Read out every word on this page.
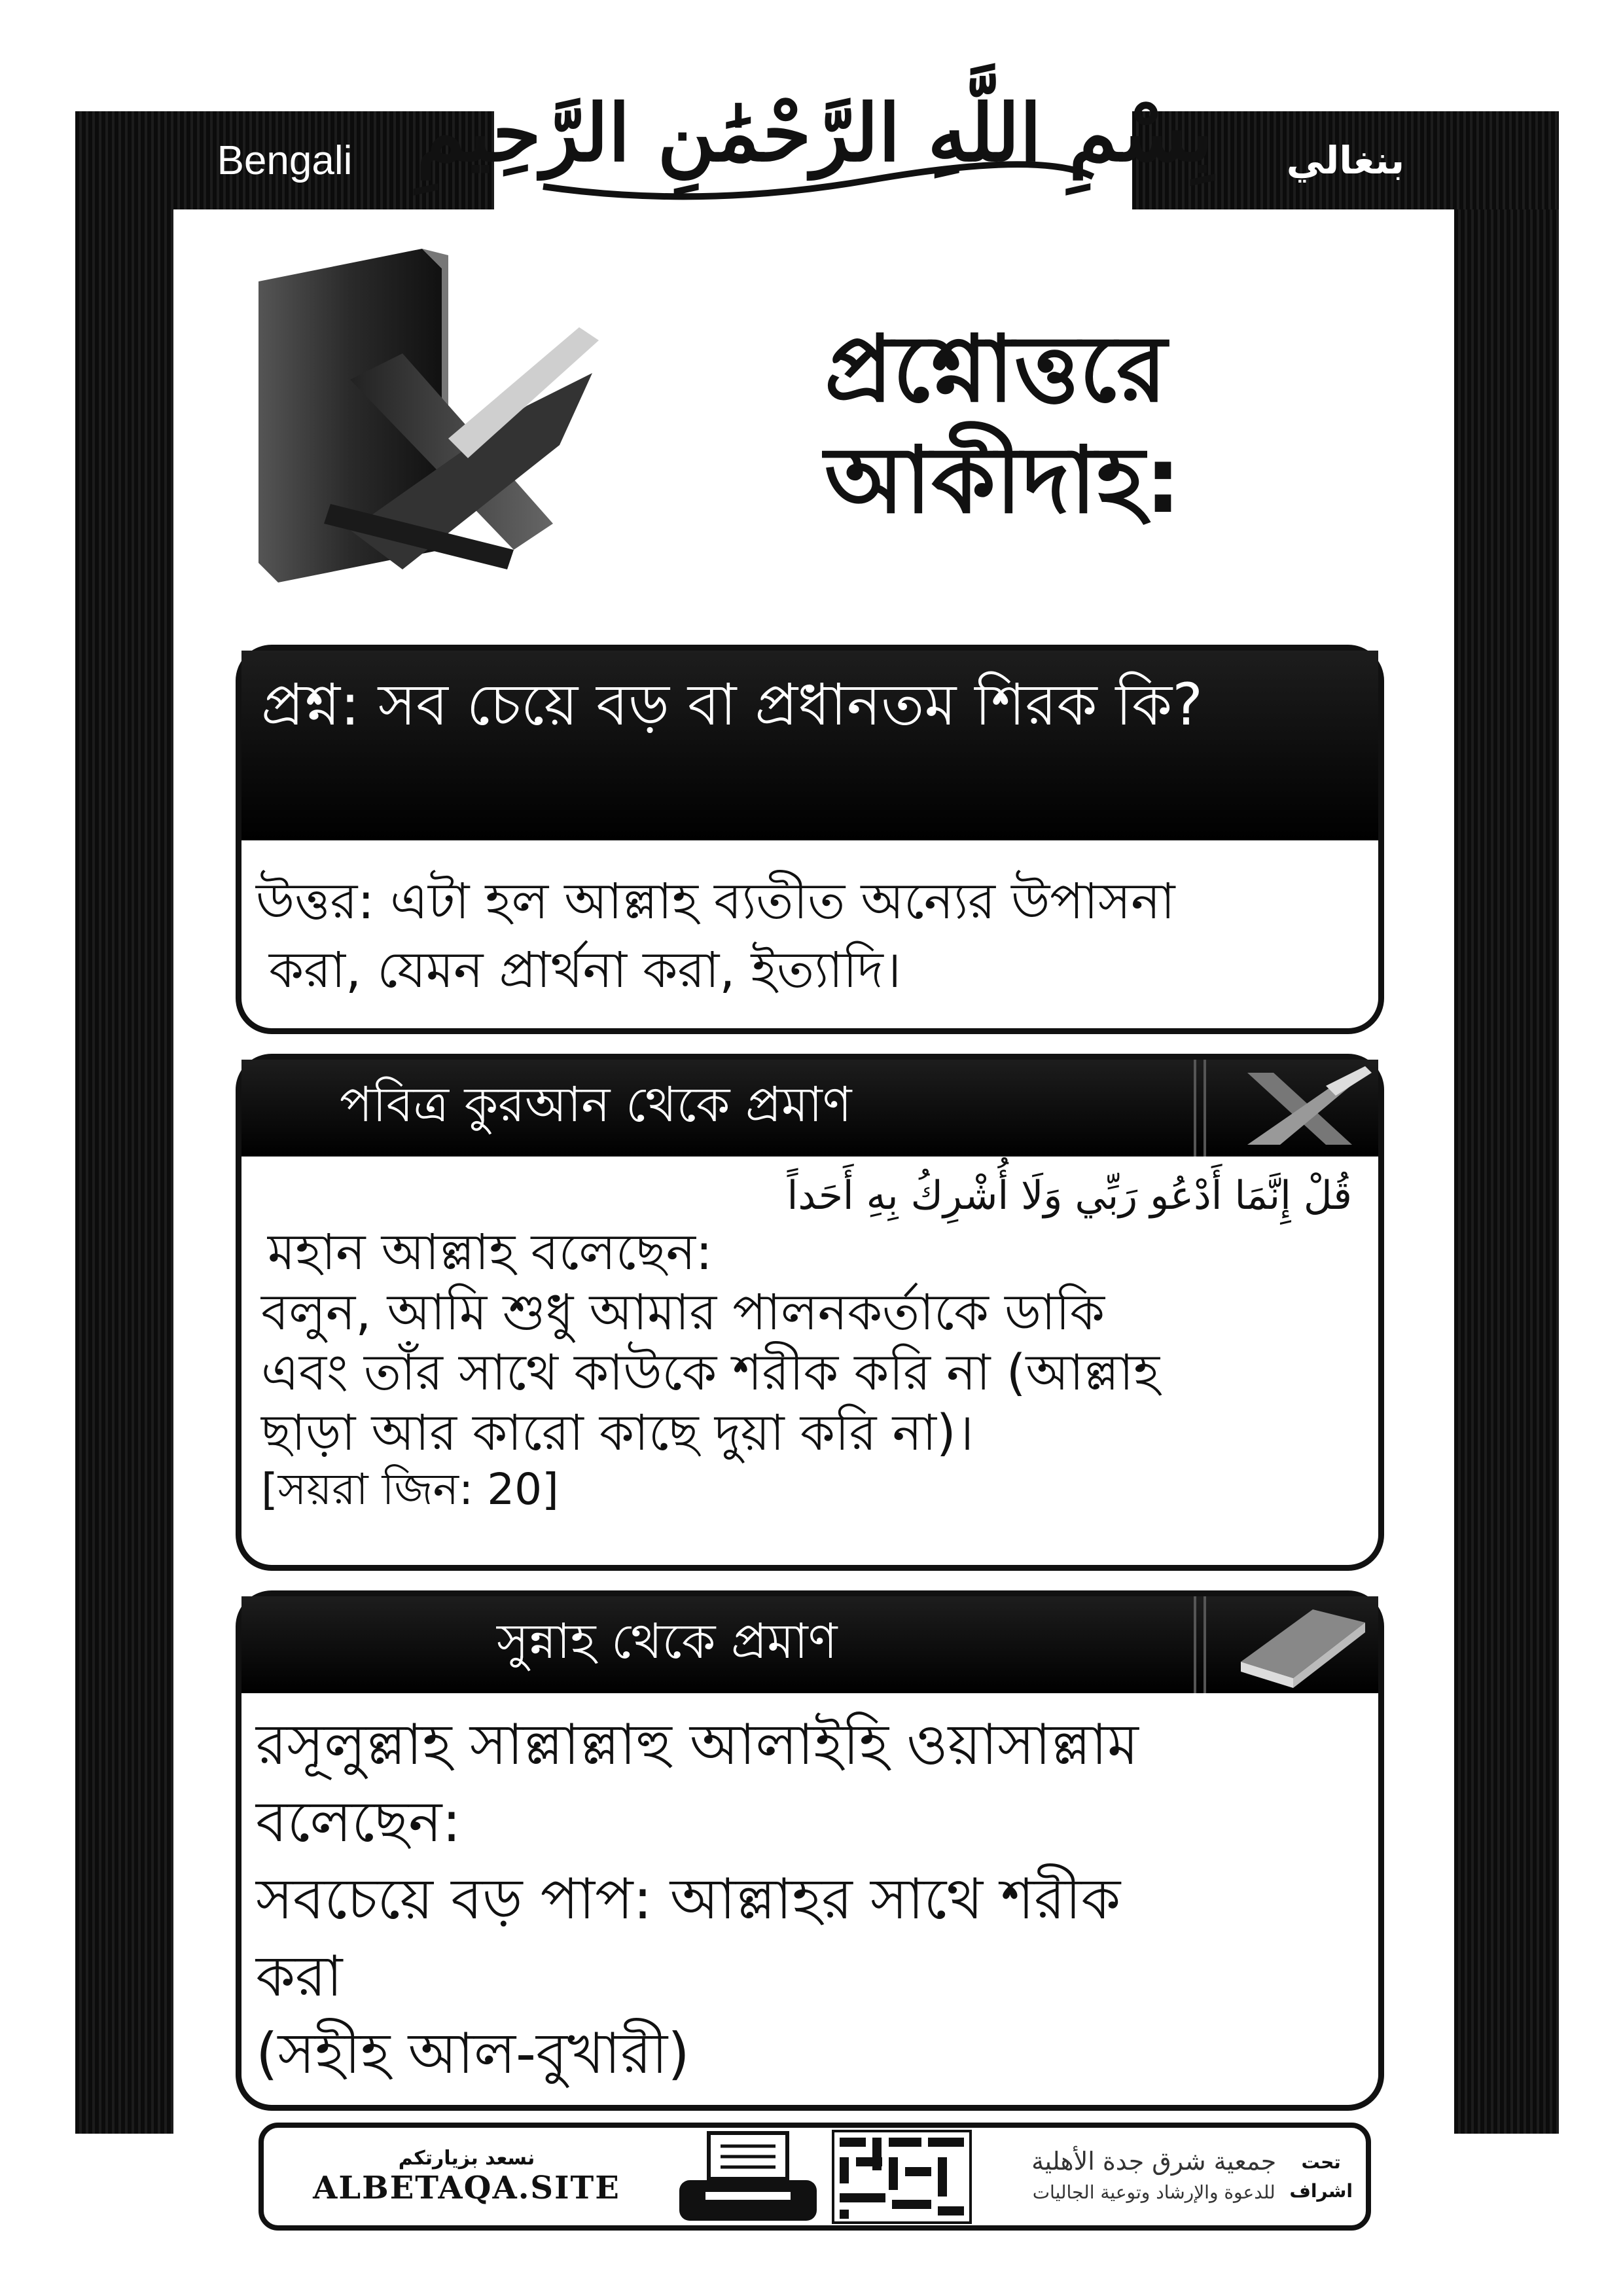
Bengali	بنغالي
بِسْمِ اللَّهِ الرَّحْمَٰنِ الرَّحِيمِ
প্রশ্নোত্তরে
আকীদাহ:
প্রশ্ন: সব চেয়ে বড় বা প্রধানতম শিরক কি?
উত্তর: এটা হল আল্লাহ ব্যতীত অন্যের উপাসনা
করা, যেমন প্রার্থনা করা, ইত্যাদি।
পবিত্র কুরআন থেকে প্রমাণ
قُلْ إِنَّمَا أَدْعُو رَبِّي وَلَا أُشْرِكُ بِهِ أَحَداً
মহান আল্লাহ বলেছেন:
বলুন, আমি শুধু আমার পালনকর্তাকে ডাকি
এবং তাঁর সাথে কাউকে শরীক করি না (আল্লাহ
ছাড়া আর কারো কাছে দুয়া করি না)।
[সয়রা জিন: 20]
সুন্নাহ থেকে প্রমাণ
রসূলুল্লাহ সাল্লাল্লাহু আলাইহি ওয়াসাল্লাম
বলেছেন:
সবচেয়ে বড় পাপ: আল্লাহর সাথে শরীক
করা
(সহীহ আল-বুখারী)
نسعد بزيارتكم
ALBETAQA.SITE
جمعية شرق جدة الأهلية
للدعوة والإرشاد وتوعية الجاليات
تحت
اشراف
